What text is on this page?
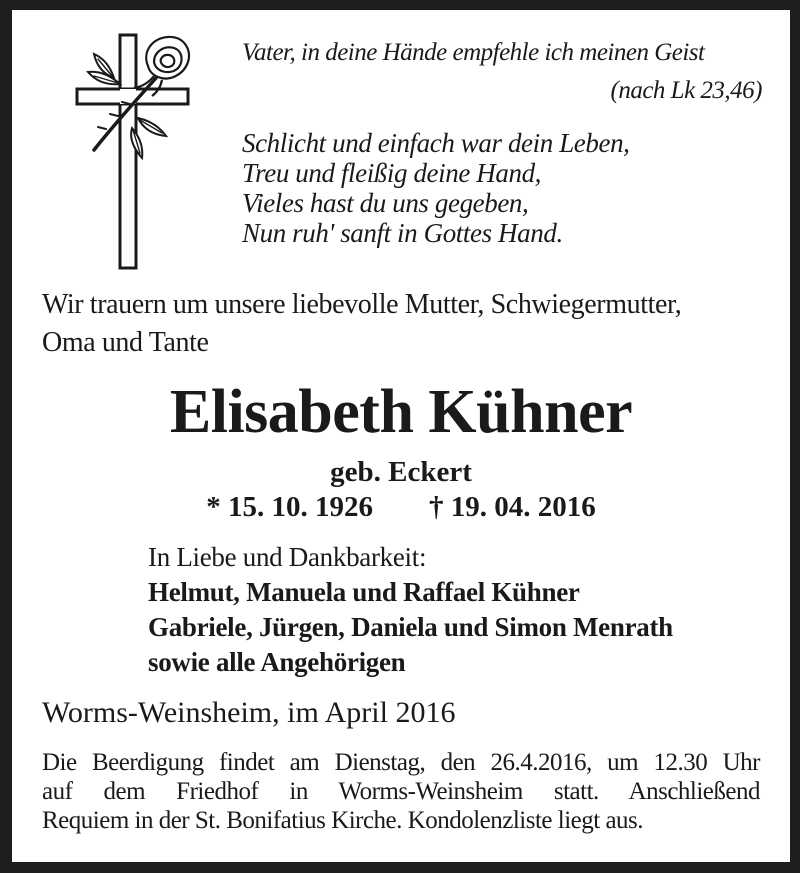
Vater, in deine Hände empfehle ich meinen Geist
(nach Lk 23,46)
Schlicht und einfach war dein Leben,
Treu und fleißig deine Hand,
Vieles hast du uns gegeben,
Nun ruh' sanft in Gottes Hand.
Wir trauern um unsere liebevolle Mutter, Schwiegermutter,
Oma und Tante
Elisabeth Kühner
geb. Eckert
* 15. 10. 1926 † 19. 04. 2016
In Liebe und Dankbarkeit:
Helmut, Manuela und Raffael Kühner
Gabriele, Jürgen, Daniela und Simon Menrath
sowie alle Angehörigen
Worms-Weinsheim, im April 2016
Die Beerdigung findet am Dienstag, den 26.4.2016, um 12.30 Uhr
auf dem Friedhof in Worms-Weinsheim statt. Anschließend
Requiem in der St. Bonifatius Kirche. Kondolenzliste liegt aus.
